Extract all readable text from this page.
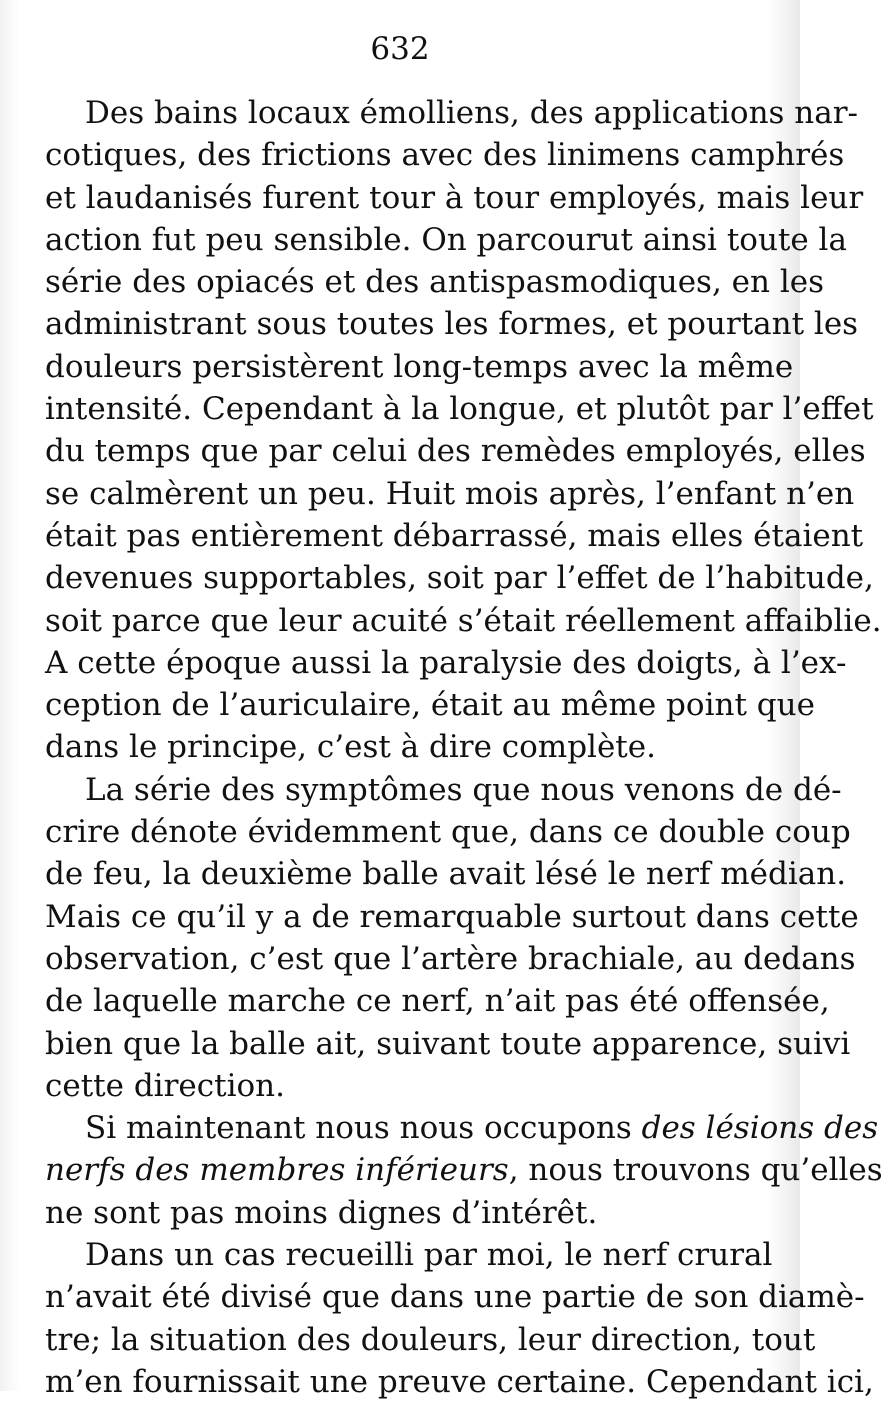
632
Des bains locaux émolliens, des applications nar-
cotiques, des frictions avec des linimens camphrés
et laudanisés furent tour à tour employés, mais leur
action fut peu sensible. On parcourut ainsi toute la
série des opiacés et des antispasmodiques, en les
administrant sous toutes les formes, et pourtant les
douleurs persistèrent long-temps avec la même
intensité. Cependant à la longue, et plutôt par l’effet
du temps que par celui des remèdes employés, elles
se calmèrent un peu. Huit mois après, l’enfant n’en
était pas entièrement débarrassé, mais elles étaient
devenues supportables, soit par l’effet de l’habitude,
soit parce que leur acuité s’était réellement affaiblie.
A cette époque aussi la paralysie des doigts, à l’ex-
ception de l’auriculaire, était au même point que
dans le principe, c’est à dire complète.
La série des symptômes que nous venons de dé-
crire dénote évidemment que, dans ce double coup
de feu, la deuxième balle avait lésé le nerf médian.
Mais ce qu’il y a de remarquable surtout dans cette
observation, c’est que l’artère brachiale, au dedans
de laquelle marche ce nerf, n’ait pas été offensée,
bien que la balle ait, suivant toute apparence, suivi
cette direction.
Si maintenant nous nous occupons des lésions des
nerfs des membres inférieurs, nous trouvons qu’elles
ne sont pas moins dignes d’intérêt.
Dans un cas recueilli par moi, le nerf crural
n’avait été divisé que dans une partie de son diamè-
tre; la situation des douleurs, leur direction, tout
m’en fournissait une preuve certaine. Cependant ici,
